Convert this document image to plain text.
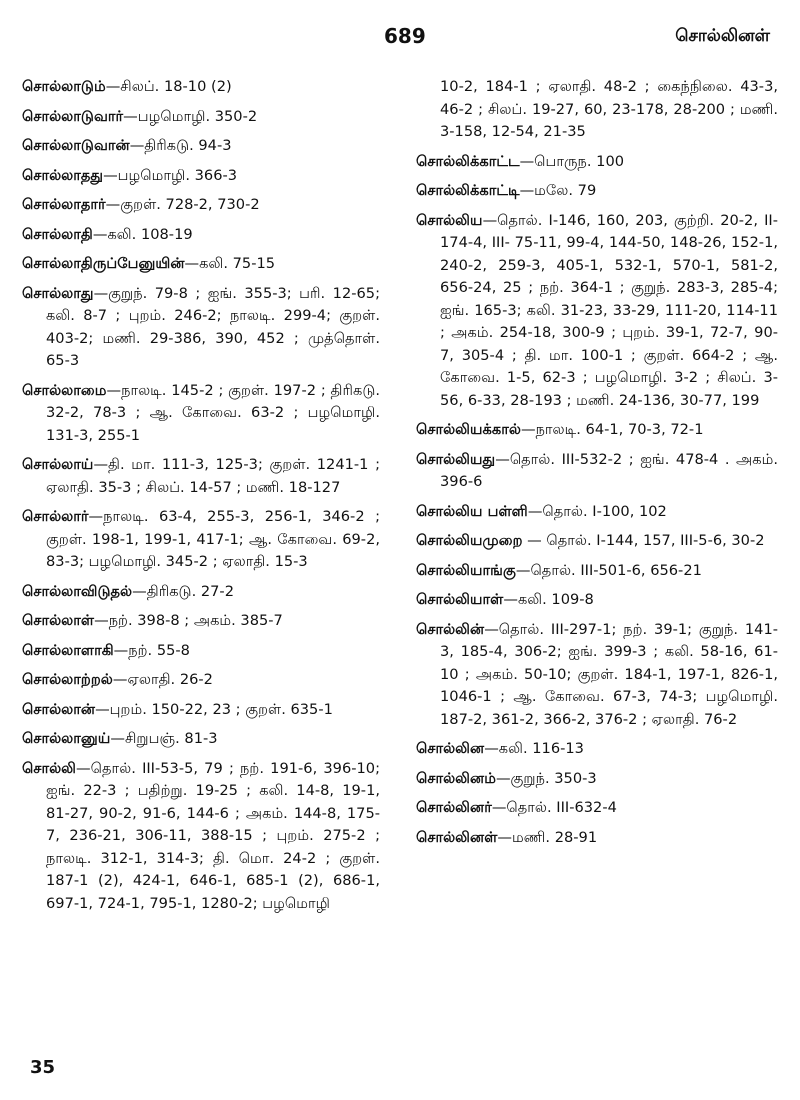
689	சொல்லினள்
சொல்லாடும்—சிலப். 18-10 (2)
சொல்லாடுவார்—பழமொழி. 350-2
சொல்லாடுவான்—திரிகடு. 94-3
சொல்லாதது—பழமொழி. 366-3
சொல்லாதார்—குறள். 728-2, 730-2
சொல்லாதி—கலி. 108-19
சொல்லாதிருப்பேனுயின்—கலி. 75-15
சொல்லாது—குறுந். 79-8 ; ஐங். 355-3; பரி. 12-65; கலி. 8-7 ; புறம். 246-2; நாலடி. 299-4; குறள். 403-2; மணி. 29-386, 390, 452 ; முத்தொள். 65-3
சொல்லாமை—நாலடி. 145-2 ; குறள். 197-2 ; திரிகடு. 32-2, 78-3 ; ஆ. கோவை. 63-2 ; பழமொழி. 131-3, 255-1
சொல்லாய்—தி. மா. 111-3, 125-3; குறள். 1241-1 ; ஏலாதி. 35-3 ; சிலப். 14-57 ; மணி. 18-127
சொல்லார்—நாலடி. 63-4, 255-3, 256-1, 346-2 ; குறள். 198-1, 199-1, 417-1; ஆ. கோவை. 69-2, 83-3; பழமொழி. 345-2 ; ஏலாதி. 15-3
சொல்லாவிடுதல்—திரிகடு. 27-2
சொல்லாள்—நற். 398-8 ; அகம். 385-7
சொல்லாளாகி—நற். 55-8
சொல்லாற்றல்—ஏலாதி. 26-2
சொல்லான்—புறம். 150-22, 23 ; குறள். 635-1
சொல்லானுய்—சிறுபஞ். 81-3
சொல்லி—தொல். III-53-5, 79 ; நற். 191-6, 396-10; ஐங். 22-3 ; பதிற்று. 19-25 ; கலி. 14-8, 19-1, 81-27, 90-2, 91-6, 144-6 ; அகம். 144-8, 175-7, 236-21, 306-11, 388-15 ; புறம். 275-2 ; நாலடி. 312-1, 314-3; தி. மொ. 24-2 ; குறள். 187-1 (2), 424-1, 646-1, 685-1 (2), 686-1, 697-1, 724-1, 795-1, 1280-2; பழமொழி
10-2, 184-1 ; ஏலாதி. 48-2 ; கைந்நிலை. 43-3, 46-2 ; சிலப். 19-27, 60, 23-178, 28-200 ; மணி. 3-158, 12-54, 21-35
சொல்லிக்காட்ட—பொருந. 100
சொல்லிக்காட்டி—மலே. 79
சொல்லிய—தொல். I-146, 160, 203, குற்றி. 20-2, II-174-4, III- 75-11, 99-4, 144-50, 148-26, 152-1, 240-2, 259-3, 405-1, 532-1, 570-1, 581-2, 656-24, 25 ; நற். 364-1 ; குறுந். 283-3, 285-4; ஐங். 165-3; கலி. 31-23, 33-29, 111-20, 114-11 ; அகம். 254-18, 300-9 ; புறம். 39-1, 72-7, 90-7, 305-4 ; தி. மா. 100-1 ; குறள். 664-2 ; ஆ. கோவை. 1-5, 62-3 ; பழமொழி. 3-2 ; சிலப். 3-56, 6-33, 28-193 ; மணி. 24-136, 30-77, 199
சொல்லியக்கால்—நாலடி. 64-1, 70-3, 72-1
சொல்லியது—தொல். III-532-2 ; ஐங். 478-4 . அகம். 396-6
சொல்லிய பள்ளி—தொல். I-100, 102
சொல்லியமுறை — தொல். I-144, 157, III-5-6, 30-2
சொல்லியாங்கு—தொல். III-501-6, 656-21
சொல்லியாள்—கலி. 109-8
சொல்லின்—தொல். III-297-1; நற். 39-1; குறுந். 141-3, 185-4, 306-2; ஐங். 399-3 ; கலி. 58-16, 61-10 ; அகம். 50-10; குறள். 184-1, 197-1, 826-1, 1046-1 ; ஆ. கோவை. 67-3, 74-3; பழமொழி. 187-2, 361-2, 366-2, 376-2 ; ஏலாதி. 76-2
சொல்லின—கலி. 116-13
சொல்லினம்—குறுந். 350-3
சொல்லினர்—தொல். III-632-4
சொல்லினள்—மணி. 28-91
35
